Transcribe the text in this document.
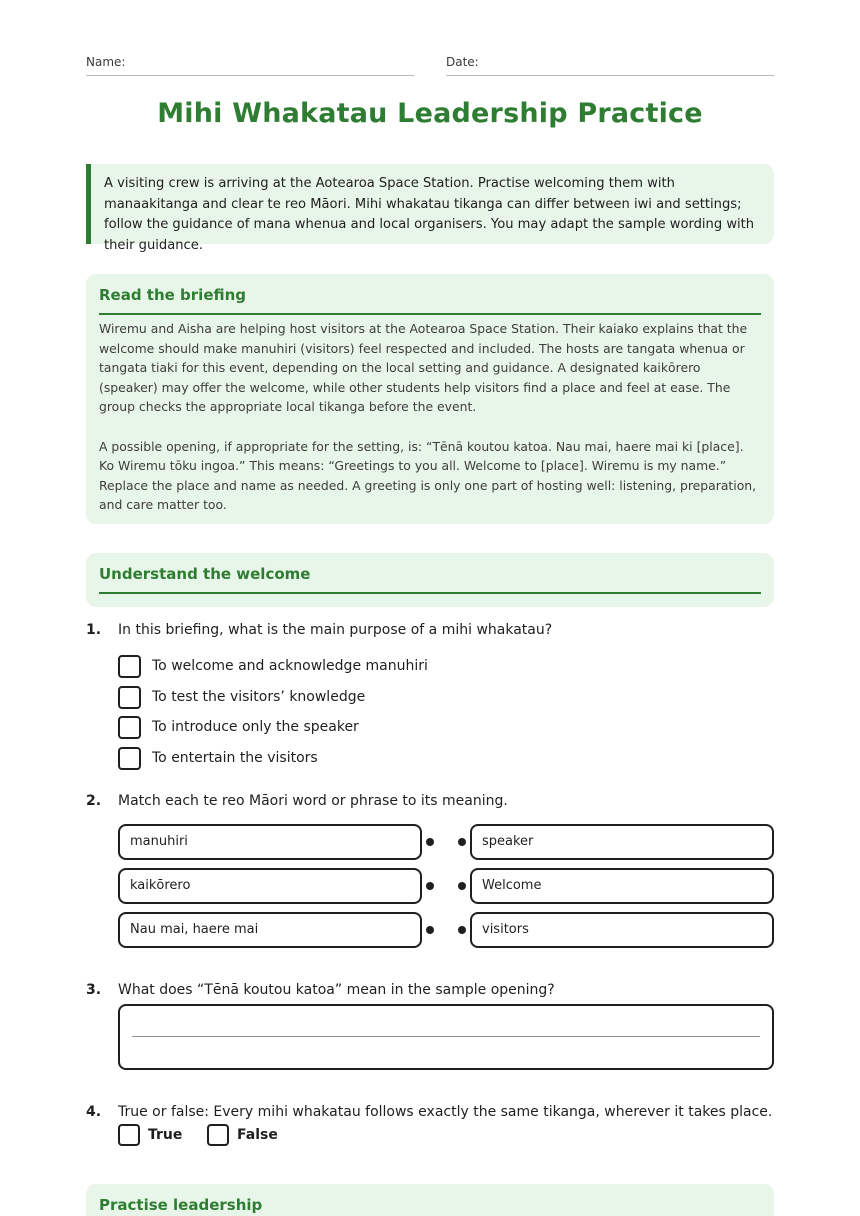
Name:	Date:
Mihi Whakatau Leadership Practice
A visiting crew is arriving at the Aotearoa Space Station. Practise welcoming them with manaakitanga and clear te reo Māori. Mihi whakatau tikanga can differ between iwi and settings; follow the guidance of mana whenua and local organisers. You may adapt the sample wording with their guidance.
Read the briefing

Wiremu and Aisha are helping host visitors at the Aotearoa Space Station. Their kaiako explains that the welcome should make manuhiri (visitors) feel respected and included. The hosts are tangata whenua or tangata tiaki for this event, depending on the local setting and guidance. A designated kaikōrero (speaker) may offer the welcome, while other students help visitors find a place and feel at ease. The group checks the appropriate local tikanga before the event.

A possible opening, if appropriate for the setting, is: “Tēnā koutou katoa. Nau mai, haere mai ki [place]. Ko Wiremu tōku ingoa.” This means: “Greetings to you all. Welcome to [place]. Wiremu is my name.” Replace the place and name as needed. A greeting is only one part of hosting well: listening, preparation, and care matter too.

Understand the welcome
1. In this briefing, what is the main purpose of a mihi whakatau?
To welcome and acknowledge manuhiri
To test the visitors’ knowledge
To introduce only the speaker
To entertain the visitors
2. Match each te reo Māori word or phrase to its meaning.
manuhiri	speaker
kaikōrero	Welcome
Nau mai, haere mai	visitors
3. What does “Tēnā koutou katoa” mean in the sample opening?
4. True or false: Every mihi whakatau follows exactly the same tikanga, wherever it takes place.
True	False
Practise leadership
